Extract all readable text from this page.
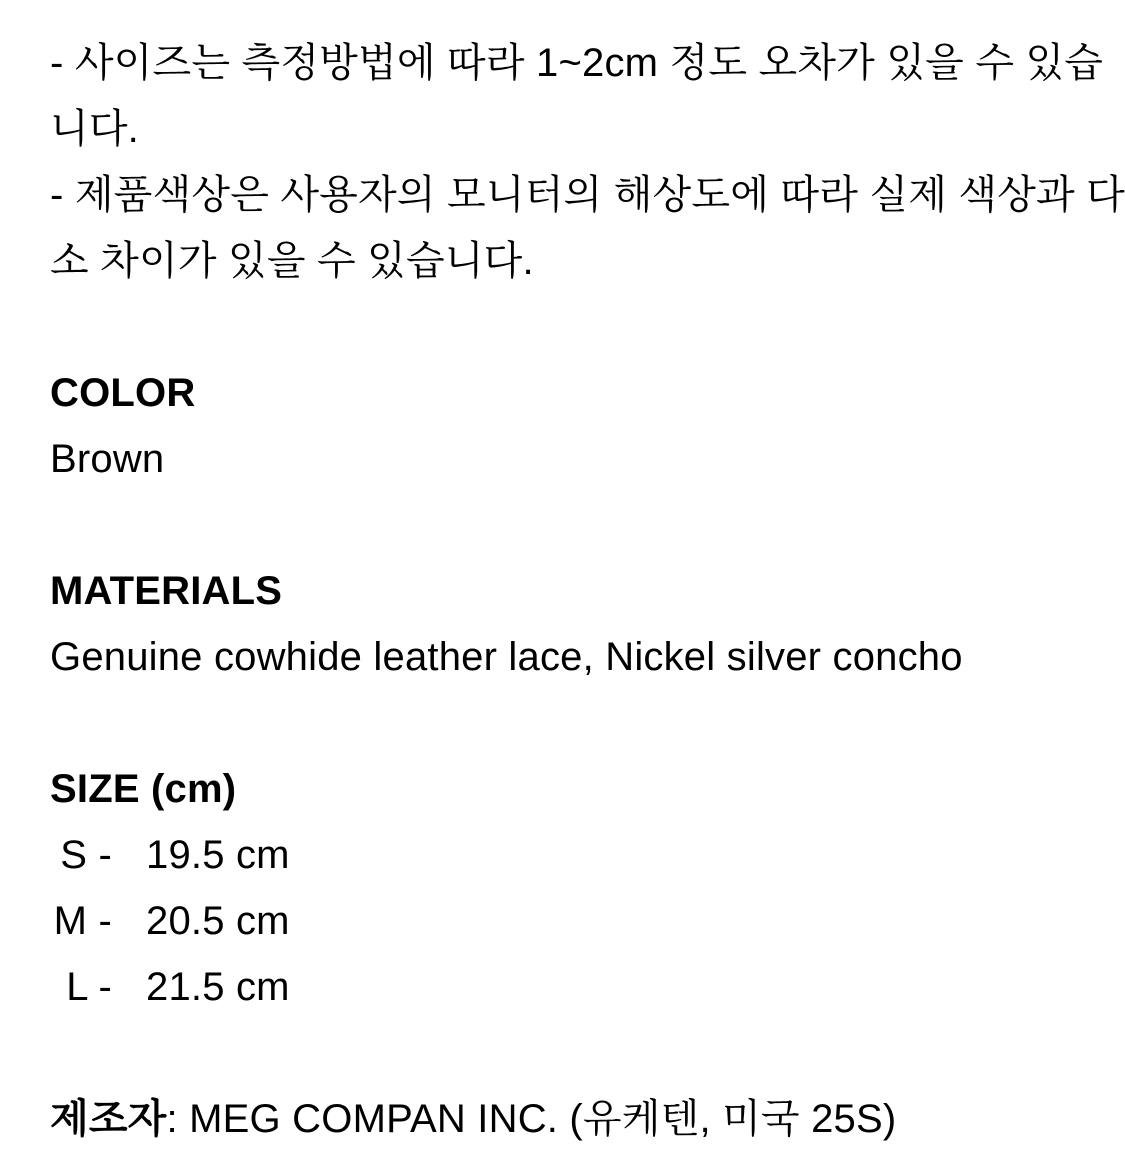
- 사이즈는 측정방법에 따라 1~2cm 정도 오차가 있을 수 있습

니다.

- 제품색상은 사용자의 모니터의 해상도에 따라 실제 색상과 다

소 차이가 있을 수 있습니다.

COLOR

Brown

MATERIALS

Genuine cowhide leather lace, Nickel silver concho

SIZE (cm)

S - 19.5 cm
M - 20.5 cm
L - 21.5 cm

제조자: MEG COMPAN INC. (유케텐, 미국 25S)
